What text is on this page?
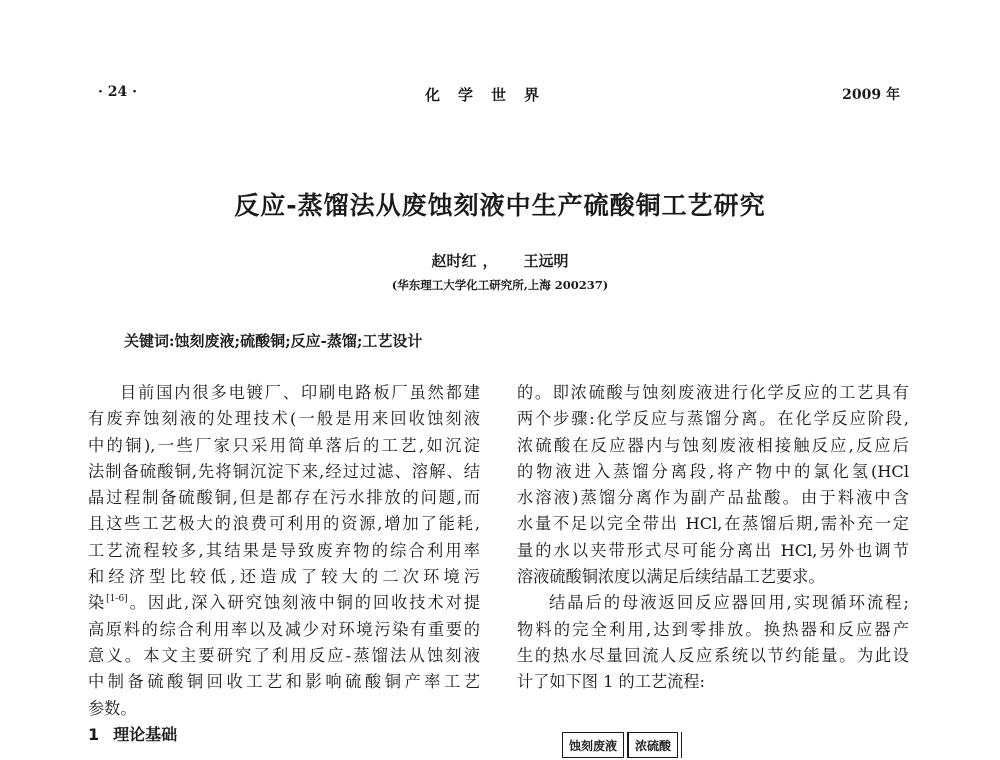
· 24 ·	化学世界	2009 年
反应-蒸馏法从废蚀刻液中生产硫酸铜工艺研究
赵时红 ， 王远明
(华东理工大学化工研究所,上海 200237)
关键词:蚀刻废液;硫酸铜;反应-蒸馏;工艺设计
目前国内很多电镀厂、印刷电路板厂虽然都建
有废弃蚀刻液的处理技术(一般是用来回收蚀刻液
中的铜),一些厂家只采用简单落后的工艺,如沉淀
法制备硫酸铜,先将铜沉淀下来,经过过滤、溶解、结
晶过程制备硫酸铜,但是都存在污水排放的问题,而
且这些工艺极大的浪费可利用的资源,增加了能耗,
工艺流程较多,其结果是导致废弃物的综合利用率
和经济型比较低,还造成了较大的二次环境污
染[1-6]。因此,深入研究蚀刻液中铜的回收技术对提
高原料的综合利用率以及减少对环境污染有重要的
意义。本文主要研究了利用反应-蒸馏法从蚀刻液
中制备硫酸铜回收工艺和影响硫酸铜产率工艺
参数。
1 理论基础
的。即浓硫酸与蚀刻废液进行化学反应的工艺具有
两个步骤:化学反应与蒸馏分离。在化学反应阶段,
浓硫酸在反应器内与蚀刻废液相接触反应,反应后
的物液进入蒸馏分离段,将产物中的氯化氢(HCl
水溶液)蒸馏分离作为副产品盐酸。由于料液中含
水量不足以完全带出 HCl,在蒸馏后期,需补充一定
量的水以夹带形式尽可能分离出 HCl,另外也调节
溶液硫酸铜浓度以满足后续结晶工艺要求。
结晶后的母液返回反应器回用,实现循环流程;
物料的完全利用,达到零排放。换热器和反应器产
生的热水尽量回流人反应系统以节约能量。为此设
计了如下图 1 的工艺流程:
蚀刻废液	浓硫酸
